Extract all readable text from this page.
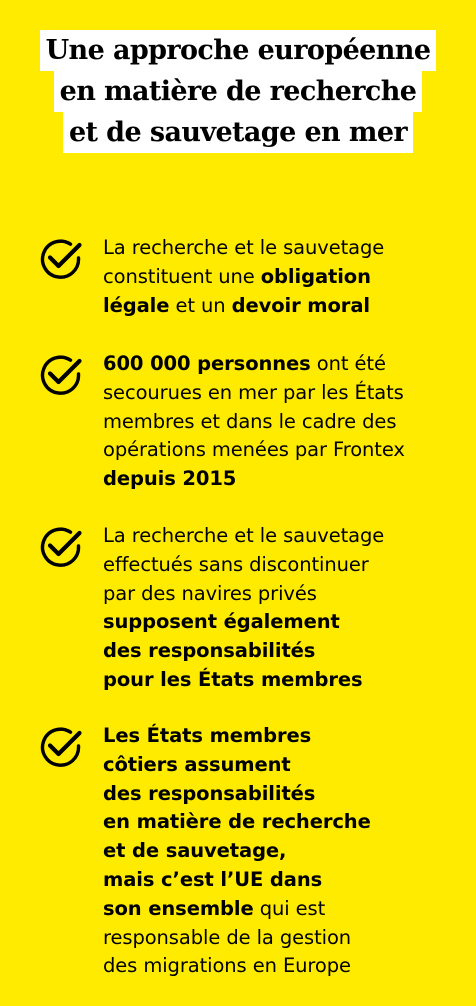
Une approche européenne
en matière de recherche
et de sauvetage en mer
La recherche et le sauvetage
constituent une obligation
légale et un devoir moral
600 000 personnes ont été
secourues en mer par les États
membres et dans le cadre des
opérations menées par Frontex
depuis 2015
La recherche et le sauvetage
effectués sans discontinuer
par des navires privés
supposent également
des responsabilités
pour les États membres
Les États membres
côtiers assument
des responsabilités
en matière de recherche
et de sauvetage,
mais c’est l’UE dans
son ensemble qui est
responsable de la gestion
des migrations en Europe
